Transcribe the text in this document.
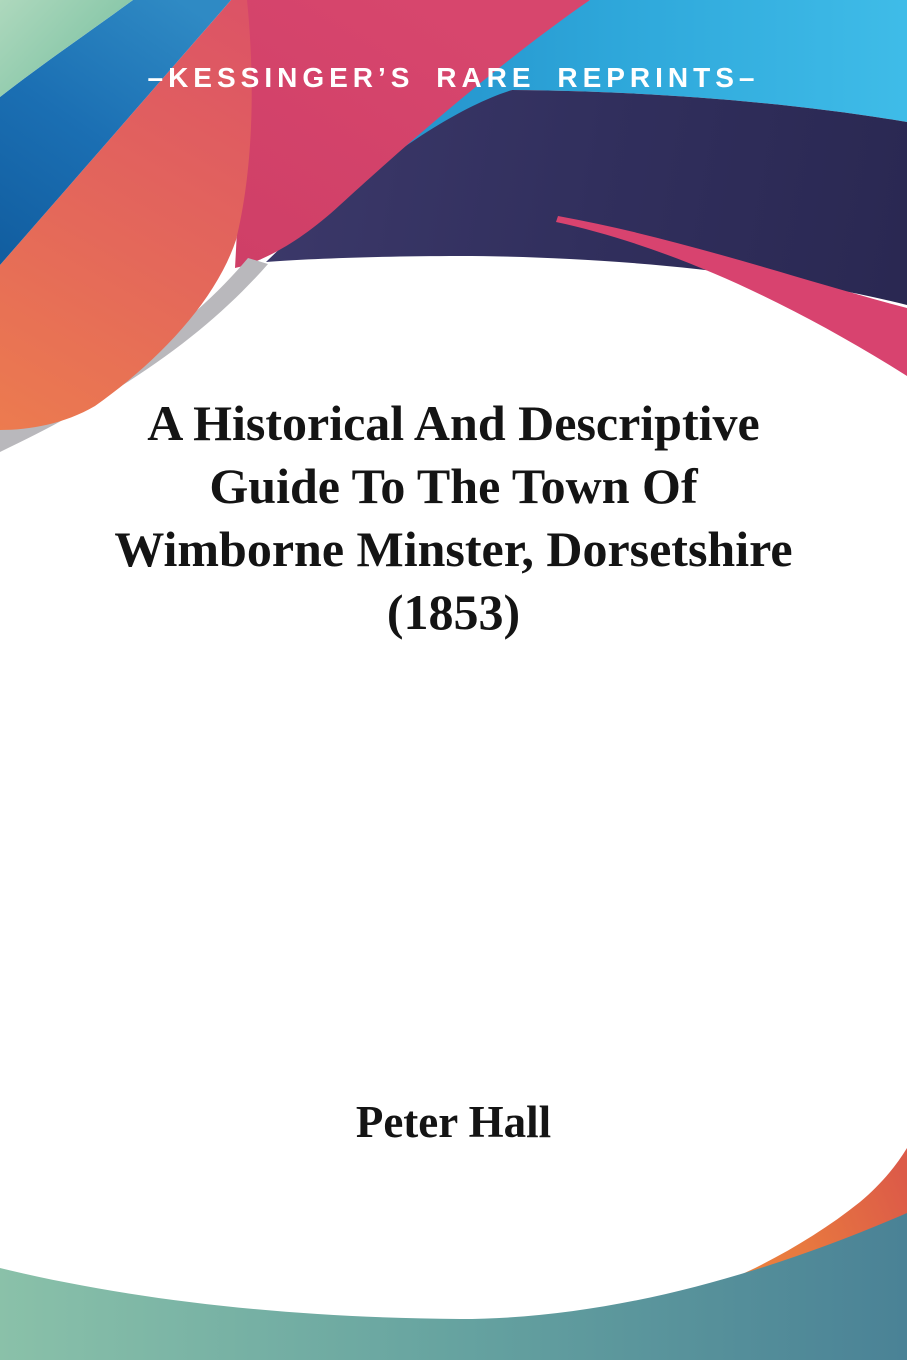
–KESSINGER’S RARE REPRINTS–
A Historical And Descriptive
Guide To The Town Of
Wimborne Minster, Dorsetshire
(1853)
Peter Hall
